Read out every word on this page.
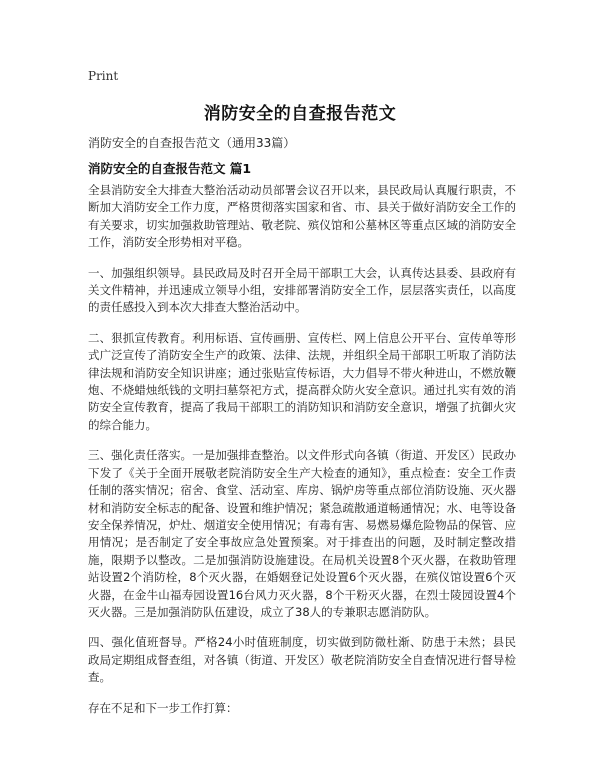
Print
消防安全的自查报告范文
消防安全的自查报告范文（通用33篇）
消防安全的自查报告范文 篇1

全县消防安全大排查大整治活动动员部署会议召开以来，县民政局认真履行职责，不断加大消防安全工作力度，严格贯彻落实国家和省、市、县关于做好消防安全工作的有关要求，切实加强救助管理站、敬老院、殡仪馆和公墓林区等重点区域的消防安全工作，消防安全形势相对平稳。

一、加强组织领导。县民政局及时召开全局干部职工大会，认真传达县委、县政府有关文件精神，并迅速成立领导小组，安排部署消防安全工作，层层落实责任，以高度的责任感投入到本次大排查大整治活动中。

二、狠抓宣传教育。利用标语、宣传画册、宣传栏、网上信息公开平台、宣传单等形式广泛宣传了消防安全生产的政策、法律、法规，并组织全局干部职工听取了消防法律法规和消防安全知识讲座；通过张贴宣传标语，大力倡导不带火种进山，不燃放鞭炮、不烧蜡烛纸钱的文明扫墓祭祀方式，提高群众防火安全意识。通过扎实有效的消防安全宣传教育，提高了我局干部职工的消防知识和消防安全意识，增强了抗御火灾的综合能力。

三、强化责任落实。一是加强排查整治。以文件形式向各镇（街道、开发区）民政办下发了《关于全面开展敬老院消防安全生产大检查的通知》，重点检查：安全工作责任制的落实情况；宿舍、食堂、活动室、库房、锅炉房等重点部位消防设施、灭火器材和消防安全标志的配备、设置和维护情况；紧急疏散通道畅通情况；水、电等设备安全保养情况，炉灶、烟道安全使用情况；有毒有害、易燃易爆危险物品的保管、应用情况；是否制定了安全事故应急处置预案。对于排查出的问题，及时制定整改措施，限期予以整改。二是加强消防设施建设。在局机关设置8个灭火器，在救助管理站设置2个消防栓，8个灭火器，在婚姻登记处设置6个灭火器，在殡仪馆设置6个灭火器，在金牛山福寿园设置16台风力灭火器，8个干粉灭火器，在烈士陵园设置4个灭火器。三是加强消防队伍建设，成立了38人的专兼职志愿消防队。

四、强化值班督导。严格24小时值班制度，切实做到防微杜渐、防患于未然；县民政局定期组成督查组，对各镇（街道、开发区）敬老院消防安全自查情况进行督导检查。

存在不足和下一步工作打算：
